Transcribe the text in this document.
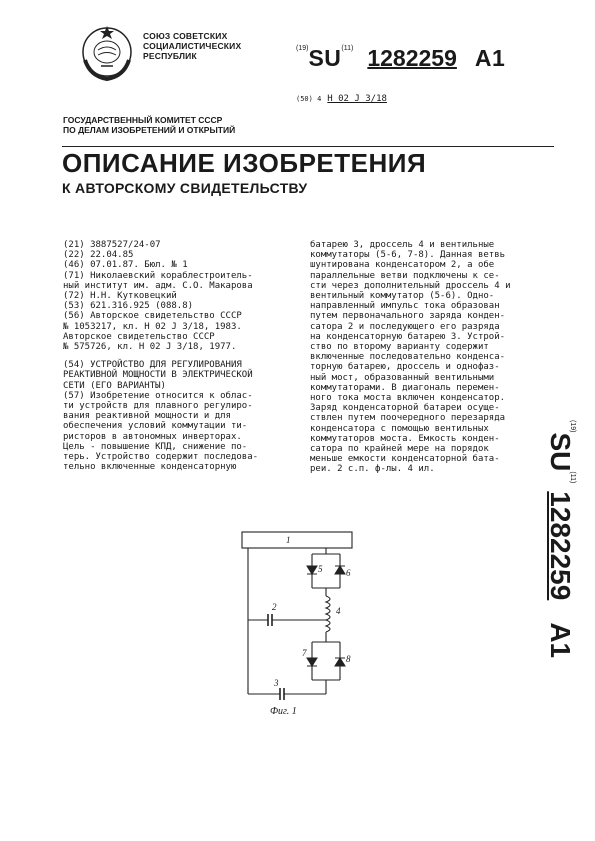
СОЮЗ СОВЕТСКИХ
СОЦИАЛИСТИЧЕСКИХ
РЕСПУБЛИК
$^{(19)}$SU$^{(11)}$ 1282259 A1
(50) 4 H 02 J 3/18
ГОСУДАРСТВЕННЫЙ КОМИТЕТ СССР
ПО ДЕЛАМ ИЗОБРЕТЕНИЙ И ОТКРЫТИЙ
ОПИСАНИЕ ИЗОБРЕТЕНИЯ
К АВТОРСКОМУ СВИДЕТЕЛЬСТВУ
(21) 3887527/24-07
(22) 22.04.85
(46) 07.01.87. Бюл. № 1
(71) Николаевский кораблестроитель-
ный институт им. адм. С.О. Макарова
(72) Н.Н. Кутковецкий
(53) 621.316.925 (088.8)
(56) Авторское свидетельство СССР
№ 1053217, кл. Н 02 J 3/18, 1983.
Авторское свидетельство СССР
№ 575726, кл. Н 02 J 3/18, 1977.
(54) УСТРОЙСТВО ДЛЯ РЕГУЛИРОВАНИЯ
РЕАКТИВНОЙ МОЩНОСТИ В ЭЛЕКТРИЧЕСКОЙ
СЕТИ (ЕГО ВАРИАНТЫ)
(57) Изобретение относится к облас-
ти устройств для плавного регулиро-
вания реактивной мощности и для
обеспечения условий коммутации ти-
ристоров в автономных инверторах.
Цель - повышение КПД, снижение по-
терь. Устройство содержит последова-
тельно включенные конденсаторную
батарею 3, дроссель 4 и вентильные
коммутаторы (5-6, 7-8). Данная ветвь
шунтирована конденсатором 2, а обе
параллельные ветви подключены к се-
сти через дополнительный дроссель 4 и
вентильный коммутатор (5-6). Одно-
направленный импульс тока образован
путем первоначального заряда конден-
сатора 2 и последующего его разряда
на конденсаторную батарею 3. Устрой-
ство по второму варианту содержит
включенные последовательно конденса-
торную батарею, дроссель и однофаз-
ный мост, образованный вентильными
коммутаторами. В диагональ перемен-
ного тока моста включен конденсатор.
Заряд конденсаторной батареи осуще-
ствлен путем поочередного перезаряда
конденсатора с помощью вентильных
коммутаторов моста. Емкость конден-
сатора по крайней мере на порядок
меньше емкости конденсаторной бата-
реи. 2 с.п. ф-лы. 4 ил.
$^{(19)}$SU$^{(11)}$1282259A1
1
2
3
4
5	6
7
8
Фиг. 1
